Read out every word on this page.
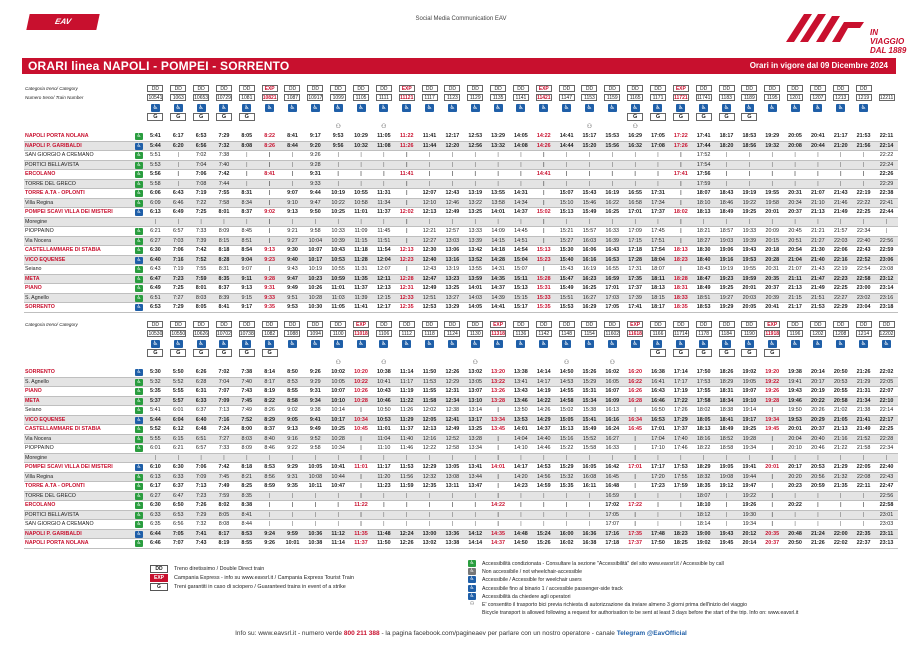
EAV	Social Media Communication EAV
IN VIAGGIO
DAL 1889
ORARI linea NAPOLI - POMPEI - SORRENTO	Orari in vigore dal 09 Dicembre 2024
Categoria treno/ Category		DD	DD	DD	DD	DD	EXP	DD	DD	DD	DD	DD	EXP	DD	DD	DD	DD	DD	EXP	DD	DD	DD	DD	DD	EXP	DD	DD	DD	DD	DD	DD	DD	DD	
Numero treno/ Train Number		10541	1063	10653	10729	1081	10821	1087	10917	1099	1105	1111	11121	1117	1123	1129	1135	1141	11421	1147	1153	1159	1165	1171	11721	11741	1183	1189	1195	1201	1207	1213	1219	12211
		♿	♿	♿	♿	♿	♿	♿	♿	♿	♿	♿	♿	♿	♿	♿	♿	♿	♿	♿	♿	♿	♿	♿	♿	♿	♿	♿	♿	♿	♿	♿	♿	
		G	G	G	G	G																	G	G	G	G	G	G						
										⚇		⚇									⚇		⚇											
NAPOLI PORTA NOLANA	♿	5:41	6:17	6:53	7:29	8:05	8:22	8:41	9:17	9:53	10:29	11:05	11:22	11:41	12:17	12:53	13:29	14:05	14:22	14:41	15:17	15:53	16:29	17:05	17:22	17:41	18:17	18:53	19:29	20:05	20:41	21:17	21:53	22:11
NAPOLI P. GARIBALDI	♿	5:44	6:20	6:56	7:32	8:08	8:26	8:44	9:20	9:56	10:32	11:08	11:26	11:44	12:20	12:56	13:32	14:08	14:26	14:44	15:20	15:56	16:32	17:08	17:26	17:44	18:20	18:56	19:32	20:08	20:44	21:20	21:56	22:14
SAN GIORGIO A CREMANO	♿	5:51	|	7:02	7:38	|	|	|	9:26	|	|	|	|	|	|	|	|	|	|	|	|	|	|	|	|	17:52	|	|	|	|	|	|	|	22:22
PORTICI BELLAVISTA	♿	5:53	|	7:04	7:40	|	|	|	9:28	|	|	|	|	|	|	|	|	|	|	|	|	|	|	|	|	17:54	|	|	|	|	|	|	|	22:24
ERCOLANO	♿	5:56	|	7:06	7:42	|	8:41	|	9:31	|	|	|	11:41	|	|	|	|	|	14:41	|	|	|	|	|	17:41	17:56	|	|	|	|	|	|	|	22:26
TORRE DEL GRECO	♿	5:58	|	7:08	7:44	|	|	|	9:33	|	|	|	|	|	|	|	|	|	|	|	|	|	|	|	|	17:59	|	|	|	|	|	|	|	22:29
TORRE A.TA - OPLONTI	♿	6:06	6:43	7:19	7:55	8:31	|	9:07	9:44	10:19	10:55	11:31	|	12:07	12:43	13:19	13:55	14:31	|	15:07	15:43	16:19	16:55	17:31	|	18:07	18:43	19:19	19:55	20:31	21:07	21:43	22:19	22:38
Villa Regina	♿	6:09	6:46	7:22	7:58	8:34	|	9:10	9:47	10:22	10:58	11:34	|	12:10	12:46	13:22	13:58	14:34	|	15:10	15:46	16:22	16:58	17:34	|	18:10	18:46	19:22	19:58	20:34	21:10	21:46	22:22	22:41
POMPEI SCAVI VILLA DEI MISTERI	♿	6:13	6:49	7:25	8:01	8:37	9:02	9:13	9:50	10:25	11:01	11:37	12:02	12:13	12:49	13:25	14:01	14:37	15:02	15:13	15:49	16:25	17:01	17:37	18:02	18:13	18:49	19:25	20:01	20:37	21:13	21:49	22:25	22:44
Moregine		|	|	|	|	|	|	|	|	|	|	|	|	|	|	|	|	|	|	|	|	|	|	|	|	|	|	|	|	|	|	|	|	|
PIOPPAINO	♿	6:21	6:57	7:33	8:09	8:45	|	9:21	9:58	10:33	11:09	11:45	|	12:21	12:57	13:33	14:09	14:45	|	15:21	15:57	16:33	17:09	17:45	|	18:21	18:57	19:33	20:09	20:45	21:21	21:57	22:34	|
Via Nocera	♿	6:27	7:03	7:39	8:15	8:51	|	9:27	10:04	10:39	11:15	11:51	|	12:27	13:03	13:39	14:15	14:51	|	15:27	16:03	16:39	17:15	17:51	|	18:27	19:03	19:39	20:15	20:51	21:27	22:03	22:40	22:56
CASTELLAMMARE DI STABIA	♿	6:30	7:06	7:42	8:18	8:54	9:13	9:30	10:07	10:43	11:18	11:54	12:13	12:30	13:06	13:42	14:18	14:54	15:13	15:30	16:06	16:43	17:18	17:54	18:13	18:30	19:06	19:43	20:18	20:54	21:30	22:06	22:43	22:59
VICO EQUENSE	♿	6:40	7:16	7:52	8:28	9:04	9:23	9:40	10:17	10:53	11:28	12:04	12:23	12:40	13:16	13:52	14:28	15:04	15:23	15:40	16:16	16:53	17:28	18:04	18:23	18:40	19:16	19:53	20:28	21:04	21:40	22:16	22:52	23:06
Seiano	♿	6:43	7:19	7:55	8:31	9:07	|	9:43	10:19	10:55	11:31	12:07	|	12:43	13:19	13:55	14:31	15:07	|	15:43	16:19	16:55	17:31	18:07	|	18:43	19:19	19:55	20:31	21:07	21:43	22:19	22:54	23:08
META	♿	6:47	7:23	7:59	8:35	9:11	9:28	9:47	10:23	10:59	11:35	12:11	12:28	12:47	13:23	13:59	14:35	15:11	15:28	15:47	16:23	16:59	17:35	18:11	18:28	18:47	19:23	19:59	20:35	21:11	21:47	22:23	22:58	23:12
PIANO	♿	6:49	7:25	8:01	8:37	9:13	9:31	9:49	10:26	11:01	11:37	12:13	12:31	12:49	13:25	14:01	14:37	15:13	15:31	15:49	16:25	17:01	17:37	18:13	18:31	18:49	19:25	20:01	20:37	21:13	21:49	22:25	23:00	23:14
S. Agnello	♿	6:51	7:27	8:03	8:39	9:15	9:33	9:51	10:28	11:03	11:39	12:15	12:33	12:51	13:27	14:03	14:39	15:15	15:33	15:51	16:27	17:03	17:39	18:15	18:33	18:51	19:27	20:03	20:39	21:15	21:51	22:27	23:02	23:16
SORRENTO	♿	6:53	7:29	8:05	8:41	9:17	9:35	9:53	10:30	11:05	11:41	12:17	12:35	12:53	13:29	14:05	14:41	15:17	15:35	15:53	16:29	17:05	17:41	18:17	18:35	18:53	19:29	20:05	20:41	21:17	21:53	22:29	23:04	23:18
Categoria treno/ Category		DD	DD	DD	DD	DD	DD	DD	DD	DD	EXP	DD	DD	DD	DD	DD	EXP	DD	DD	DD	DD	DD	EXP	DD	DD	DD	DD	DD	EXP	DD	DD	DD	DD	DD
		10530	10550	10626	10702	10738	1082	1088	1094	1100	11018	1106	1112	1118	1124	1130	11318	1136	1142	1148	1154	11602	11618	1166	11714	1178	1184	1190	11918	1196	1202	1208	1214	12202
		♿	♿	♿	♿	♿	♿	♿	♿	♿	♿	♿	♿	♿	♿	♿	♿	♿	♿	♿	♿	♿	♿	♿	♿	♿	♿	♿	♿	♿	♿	♿	♿	♿
		G	G	G	G	G	G																	G	G	G	G	G	G					
										⚇		⚇				⚇				⚇		⚇												
SORRENTO	♿	5:30	5:50	6:26	7:02	7:38	8:14	8:50	9:26	10:02	10:20	10:38	11:14	11:50	12:26	13:02	13:20	13:38	14:14	14:50	15:26	16:02	16:20	16:38	17:14	17:50	18:26	19:02	19:20	19:38	20:14	20:50	21:26	22:02
S. Agnello	♿	5:32	5:52	6:28	7:04	7:40	8:17	8:53	9:29	10:05	10:22	10:41	11:17	11:53	12:29	13:05	13:22	13:41	14:17	14:53	15:29	16:05	16:22	16:41	17:17	17:53	18:29	19:05	19:22	19:41	20:17	20:53	21:29	22:05
PIANO	♿	5:35	5:55	6:31	7:07	7:43	8:19	8:55	9:31	10:07	10:26	10:43	11:19	11:55	12:31	13:07	13:26	13:43	14:19	14:55	15:31	16:07	16:26	16:43	17:19	17:55	18:31	19:07	19:26	19:43	20:19	20:55	21:31	22:07
META	♿	5:37	5:57	6:33	7:09	7:45	8:22	8:58	9:34	10:10	10:28	10:46	11:22	11:58	12:34	13:10	13:28	13:46	14:22	14:58	15:34	16:09	16:28	16:46	17:22	17:58	18:34	19:10	19:28	19:46	20:22	20:58	21:34	22:10
Seiano	♿	5:41	6:01	6:37	7:13	7:49	8:26	9:02	9:38	10:14	|	10:50	11:26	12:02	12:38	13:14	|	13:50	14:26	15:02	15:38	16:13	|	16:50	17:26	18:02	18:38	19:14	|	19:50	20:26	21:02	21:38	22:14
VICO EQUENSE	♿	5:44	6:04	6:40	7:16	7:52	8:29	9:05	9:41	10:17	10:34	10:53	11:29	12:05	12:41	13:17	13:34	13:53	14:29	15:05	15:41	16:16	16:34	16:53	17:29	18:05	18:41	19:17	19:34	19:53	20:29	21:05	21:41	22:17
CASTELLAMMARE DI STABIA	♿	5:52	6:12	6:48	7:24	8:00	8:37	9:13	9:49	10:25	10:45	11:01	11:37	12:13	12:49	13:25	13:45	14:01	14:37	15:13	15:49	16:24	16:45	17:01	17:37	18:13	18:49	19:25	19:45	20:01	20:37	21:13	21:49	22:25
Via Nocera	♿	5:55	6:15	6:51	7:27	8:03	8:40	9:16	9:52	10:28	|	11:04	11:40	12:16	12:52	13:28	|	14:04	14:40	15:16	15:52	16:27	|	17:04	17:40	18:16	18:52	19:28	|	20:04	20:40	21:16	21:52	22:28
PIOPPAINO	♿	6:01	6:21	6:57	7:33	8:09	8:46	9:22	9:58	10:34	|	11:10	11:46	12:22	12:58	13:34	|	14:10	14:46	15:22	15:58	16:33	|	17:10	17:46	18:22	18:58	19:34	|	20:10	20:46	21:22	21:58	22:34
Moregine		|	|	|	|	|	|	|	|	|	|	|	|	|	|	|	|	|	|	|	|	|	|	|	|	|	|	|	|	|	|	|	|	|
POMPEI SCAVI VILLA DEI MISTERI	♿	6:10	6:30	7:06	7:42	8:18	8:53	9:29	10:05	10:41	11:01	11:17	11:53	12:29	13:05	13:41	14:01	14:17	14:53	15:29	16:05	16:42	17:01	17:17	17:53	18:29	19:05	19:41	20:01	20:17	20:53	21:29	22:05	22:40
Villa Regina	♿	6:13	6:33	7:09	7:45	8:21	8:56	9:31	10:08	10:44	|	11:20	11:56	12:32	13:08	13:44	|	14:20	14:56	15:32	16:08	16:45	|	17:20	17:55	18:32	19:08	19:44	|	20:20	20:56	21:32	22:08	22:43
TORRE A.TA - OPLONTI	♿	6:17	6:37	7:13	7:49	8:25	8:59	9:35	10:11	10:47	|	11:23	11:59	12:35	13:11	13:47	|	14:23	14:59	15:35	16:11	16:48	|	17:23	17:59	18:35	19:12	19:47	|	20:23	20:59	21:35	22:11	22:47
TORRE DEL GRECO	♿	6:27	6:47	7:23	7:59	8:35	|	|	|	|	|	|	|	|	|	|	|	|	|	|	|	16:59	|	|	|	18:07	|	19:22	|	|	|	|	|	22:56
ERCOLANO	♿	6:30	6:50	7:26	8:02	8:38	|	|	|	|	11:22	|	|	|	|	|	14:22	|	|	|	|	17:02	17:22	|	|	18:10	|	19:26	|	20:22	|	|	|	22:58
PORTICI BELLAVISTA	♿	6:33	6:53	7:29	8:05	8:41	|	|	|	|	|	|	|	|	|	|	|	|	|	|	|	17:05	|	|	|	18:12	|	19:30	|	|	|	|	|	23:01
SAN GIORGIO A CREMANO	♿	6:35	6:56	7:32	8:08	8:44	|	|	|	|	|	|	|	|	|	|	|	|	|	|	|	17:07	|	|	|	18:14	|	19:34	|	|	|	|	|	23:03
NAPOLI P. GARIBALDI	♿	6:44	7:05	7:41	8:17	8:53	9:24	9:59	10:36	11:12	11:35	11:48	12:24	13:00	13:36	14:12	14:35	14:48	15:24	16:00	16:36	17:16	17:35	17:48	18:23	19:00	19:43	20:12	20:35	20:48	21:24	22:00	22:35	23:11
NAPOLI PORTA NOLANA	♿	6:46	7:07	7:43	8:19	8:55	9:26	10:01	10:38	11:14	11:37	11:50	12:26	13:02	13:38	14:14	14:37	14:50	15:26	16:02	16:38	17:18	17:37	17:50	18:25	19:02	19:45	20:14	20:37	20:50	21:26	22:02	22:37	23:13
DD	Treno diretissimo / Double Direct train
EXP	Campania Express - info su www.eavsrl.it / Campania Express Tourist Train
G	Treni garantiti in caso di sciopero / Guaranteed trains in event of a strike
♿	Accessibilità condizionata - Consultare la sezione "Accessibilità" del sito www.eavsrl.it / Accessible by call
♿	Non accessibile / not wheelchair-accessible
♿	Accessibile / Accessible for weelchair users
♿	Accessibile fino al binario 1 / accessible passenger-side track
♿	Accessibilità da chiedere agli operatori
⚇	E' consentito il trasporto bici previa richiesta di autorizzazione da inviare almeno 3 giorni prima dell'inizio del viaggio
Bicycle transport is allowed following a request for authorisation to be sent at least 3 days before the start of the trip. Info on: www.eavsrl.it
Info su: www.eavsrl.it - numero verde 800 211 388 - la pagina facebook.com/pagineaev per parlare con un nostro operatore - canale Telegram @EavOfficial
